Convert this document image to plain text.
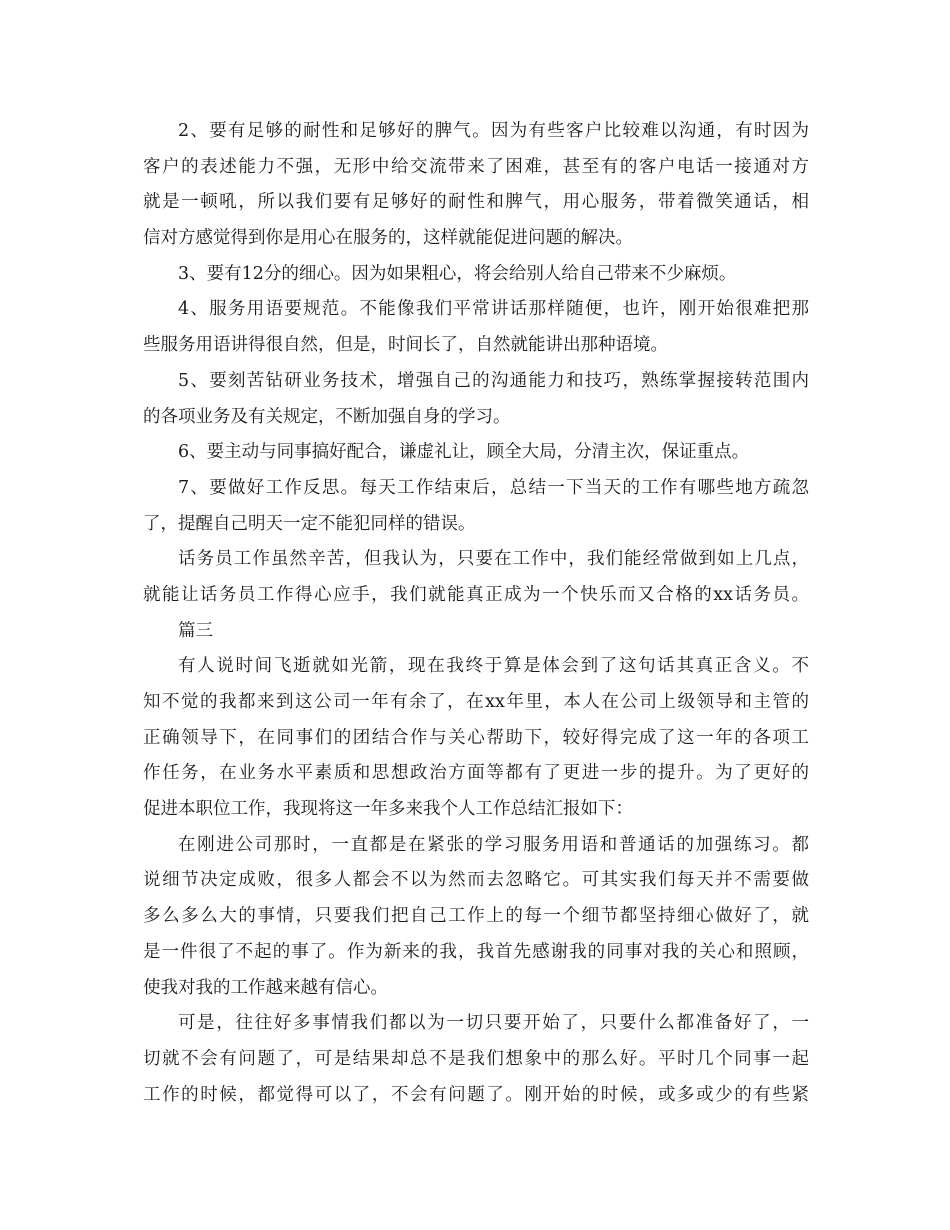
2、要有足够的耐性和足够好的脾气。因为有些客户比较难以沟通，有时因为
客户的表述能力不强，无形中给交流带来了困难，甚至有的客户电话一接通对方
就是一顿吼，所以我们要有足够好的耐性和脾气，用心服务，带着微笑通话，相
信对方感觉得到你是用心在服务的，这样就能促进问题的解决。
3、要有12分的细心。因为如果粗心，将会给别人给自己带来不少麻烦。
4、服务用语要规范。不能像我们平常讲话那样随便，也许，刚开始很难把那
些服务用语讲得很自然，但是，时间长了，自然就能讲出那种语境。
5、要刻苦钻研业务技术，增强自己的沟通能力和技巧，熟练掌握接转范围内
的各项业务及有关规定，不断加强自身的学习。
6、要主动与同事搞好配合，谦虚礼让，顾全大局，分清主次，保证重点。
7、要做好工作反思。每天工作结束后，总结一下当天的工作有哪些地方疏忽
了，提醒自己明天一定不能犯同样的错误。
话务员工作虽然辛苦，但我认为，只要在工作中，我们能经常做到如上几点，
就能让话务员工作得心应手，我们就能真正成为一个快乐而又合格的xx话务员。
篇三
有人说时间飞逝就如光箭，现在我终于算是体会到了这句话其真正含义。不
知不觉的我都来到这公司一年有余了，在xx年里，本人在公司上级领导和主管的
正确领导下，在同事们的团结合作与关心帮助下，较好得完成了这一年的各项工
作任务，在业务水平素质和思想政治方面等都有了更进一步的提升。为了更好的
促进本职位工作，我现将这一年多来我个人工作总结汇报如下：
在刚进公司那时，一直都是在紧张的学习服务用语和普通话的加强练习。都
说细节决定成败，很多人都会不以为然而去忽略它。可其实我们每天并不需要做
多么多么大的事情，只要我们把自己工作上的每一个细节都坚持细心做好了，就
是一件很了不起的事了。作为新来的我，我首先感谢我的同事对我的关心和照顾，
使我对我的工作越来越有信心。
可是，往往好多事情我们都以为一切只要开始了，只要什么都准备好了，一
切就不会有问题了，可是结果却总不是我们想象中的那么好。平时几个同事一起
工作的时候，都觉得可以了，不会有问题了。刚开始的时候，或多或少的有些紧
